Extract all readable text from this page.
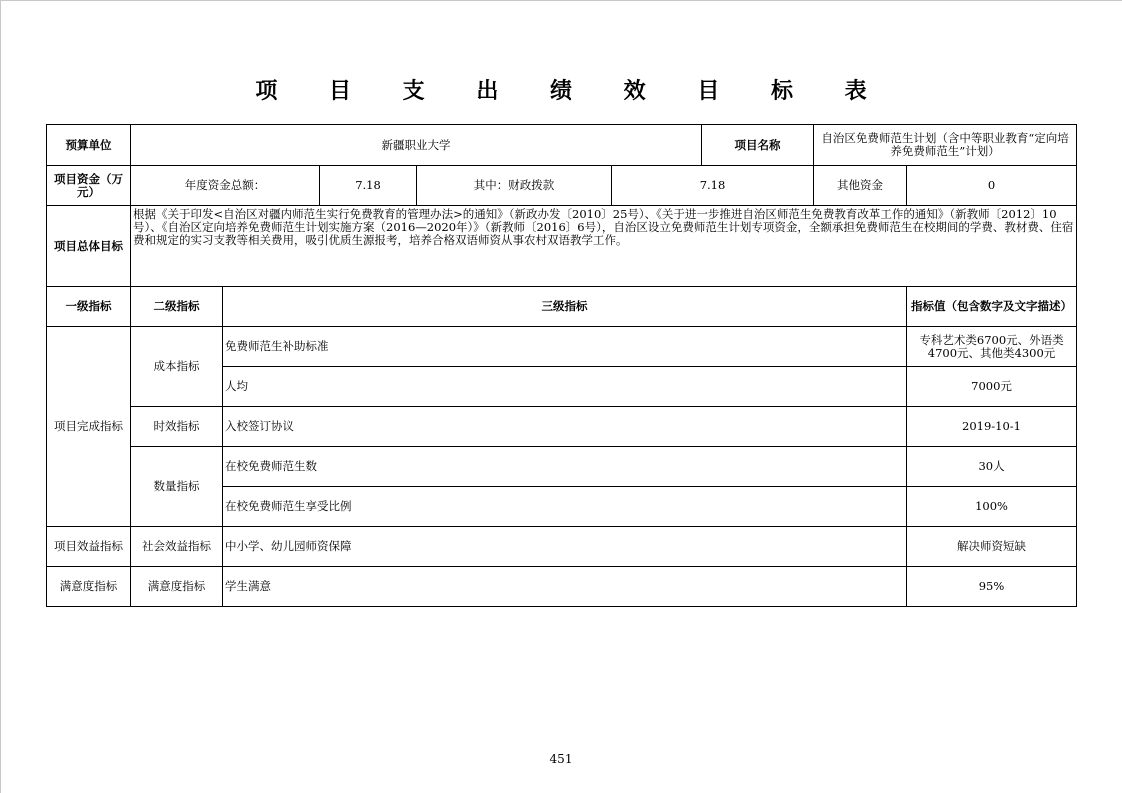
项 目 支 出 绩 效 目 标 表
预算单位	新疆职业大学					项目名称	自治区免费师范生计划（含中等职业教育“定向培养免费师范生”计划）	
项目资金（万元）	年度资金总额：		7.18	其中：财政拨款	7.18		其他资金	0
项目总体目标	根据《关于印发<自治区对疆内师范生实行免费教育的管理办法>的通知》（新政办发〔2010〕25号）、《关于进一步推进自治区师范生免费教育改革工作的通知》（新教师〔2012〕10号）、《自治区定向培养免费师范生计划实施方案（2016—2020年）》（新教师〔2016〕6号），自治区设立免费师范生计划专项资金，全额承担免费师范生在校期间的学费、教材费、住宿费和规定的实习支教等相关费用，吸引优质生源报考，培养合格双语师资从事农村双语教学工作。							
一级指标	二级指标	三级指标						指标值（包含数字及文字描述）
项目完成指标	成本指标	免费师范生补助标准						专科艺术类6700元、外语类4700元、其他类4300元
		人均						7000元
	时效指标	入校签订协议						2019-10-1
	数量指标	在校免费师范生数						30人
		在校免费师范生享受比例						100%
项目效益指标	社会效益指标	中小学、幼儿园师资保障						解决师资短缺
满意度指标	满意度指标	学生满意						95%
451
